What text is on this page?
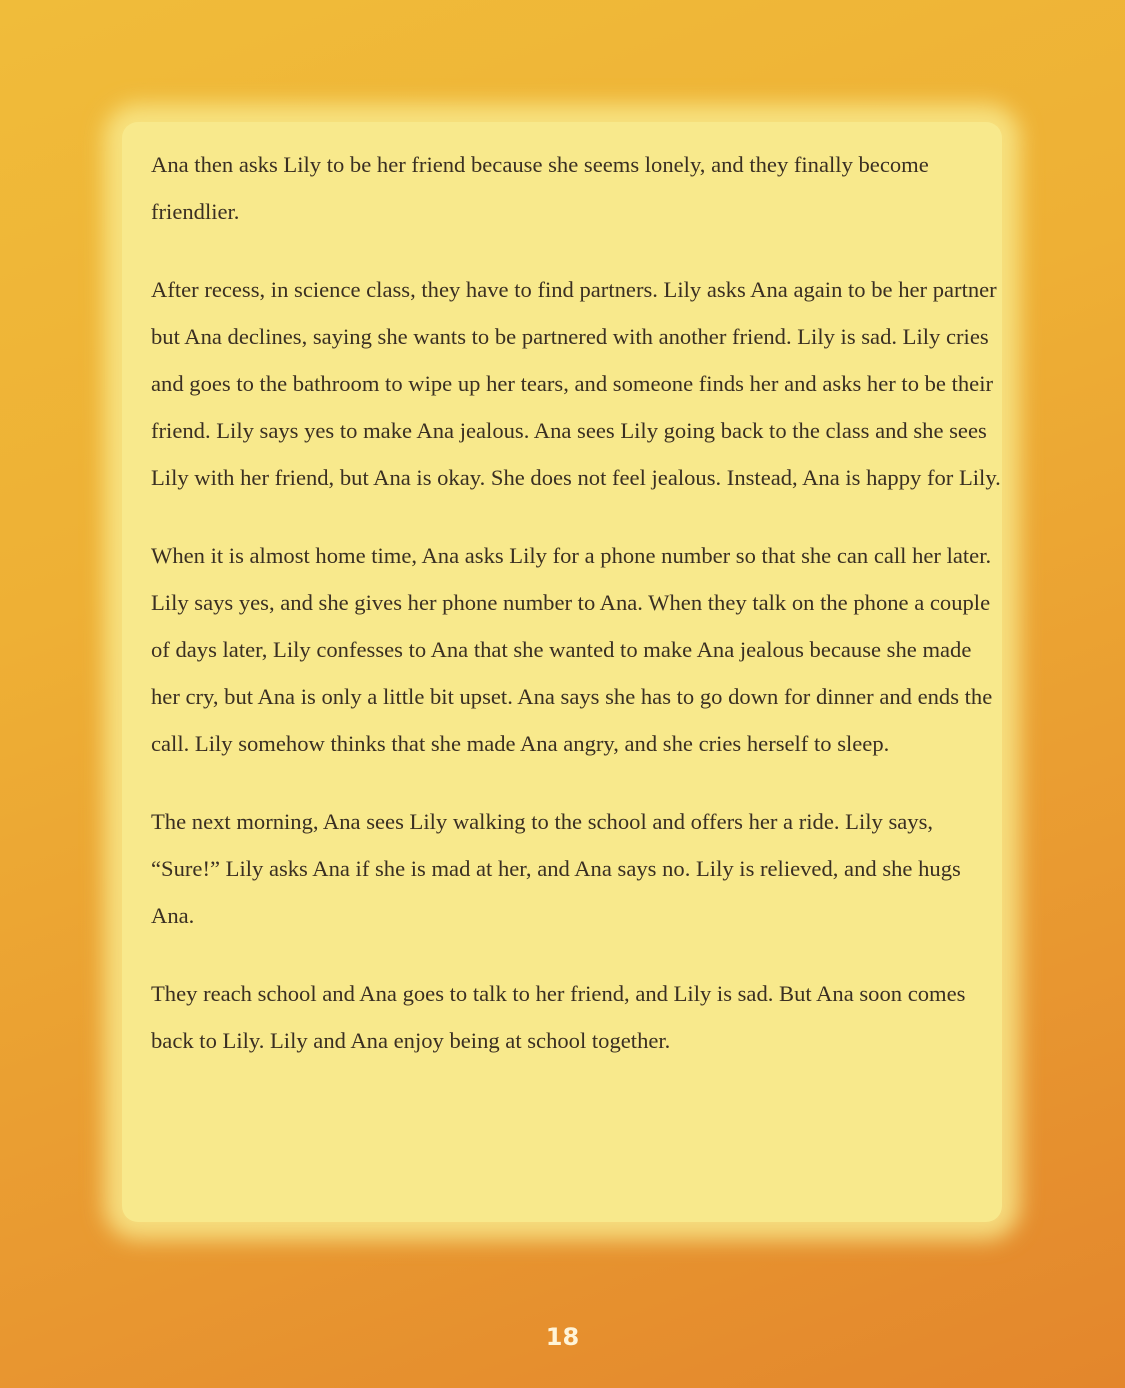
Ana then asks Lily to be her friend because she seems lonely, and they finally become friendlier.

After recess, in science class, they have to find partners. Lily asks Ana again to be her partner but Ana declines, saying she wants to be partnered with another friend. Lily is sad. Lily cries and goes to the bathroom to wipe up her tears, and someone finds her and asks her to be their friend. Lily says yes to make Ana jealous. Ana sees Lily going back to the class and she sees Lily with her friend, but Ana is okay. She does not feel jealous. Instead, Ana is happy for Lily.

When it is almost home time, Ana asks Lily for a phone number so that she can call her later. Lily says yes, and she gives her phone number to Ana. When they talk on the phone a couple of days later, Lily confesses to Ana that she wanted to make Ana jealous because she made her cry, but Ana is only a little bit upset. Ana says she has to go down for dinner and ends the call. Lily somehow thinks that she made Ana angry, and she cries herself to sleep.

The next morning, Ana sees Lily walking to the school and offers her a ride. Lily says, “Sure!” Lily asks Ana if she is mad at her, and Ana says no. Lily is relieved, and she hugs Ana.

They reach school and Ana goes to talk to her friend, and Lily is sad. But Ana soon comes back to Lily. Lily and Ana enjoy being at school together.

18
